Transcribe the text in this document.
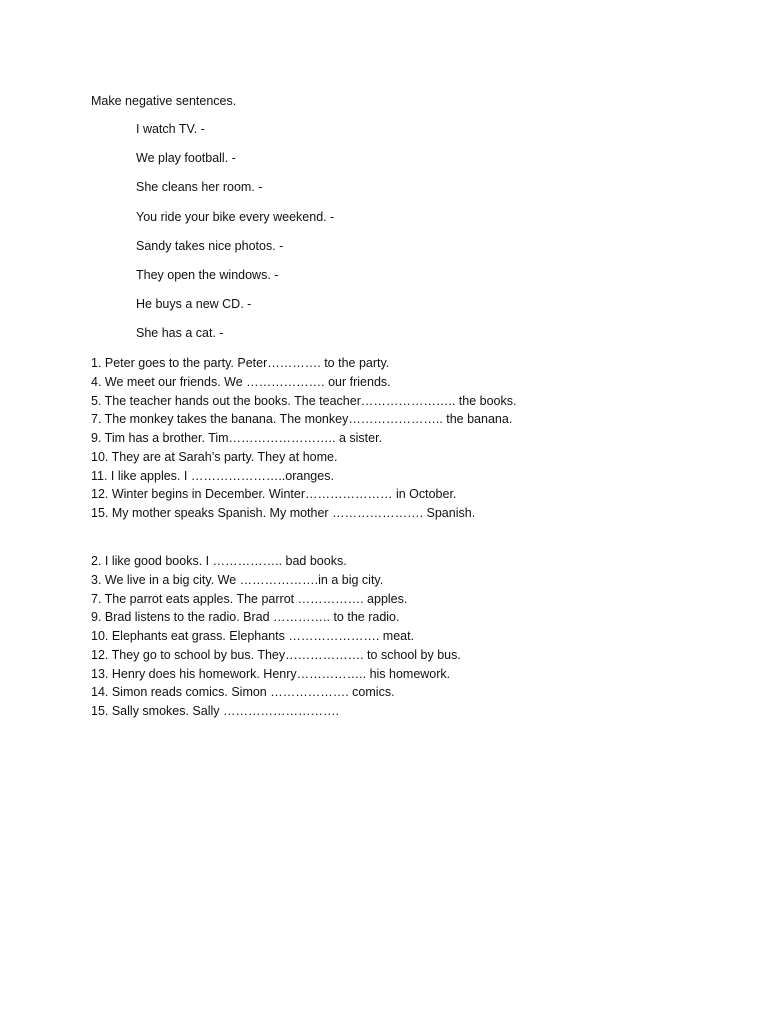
Make negative sentences.
I watch TV. -
We play football. -
She cleans her room. -
You ride your bike every weekend. -
Sandy takes nice photos. -
They open the windows. -
He buys a new CD. -
She has a cat. -
1. Peter goes to the party. Peter…………. to the party.
4. We meet our friends. We ………………. our friends.
5. The teacher hands out the books. The teacher………………….. the books.
7. The monkey takes the banana. The monkey………………….. the banana.
9. Tim has a brother. Tim…………………….. a sister.
10. They are at Sarah’s party. They at home.
11. I like apples. I …………………..oranges.
12. Winter begins in December. Winter………………… in October.
15. My mother speaks Spanish. My mother …………………. Spanish.
2. I like good books. I …………….. bad books.
3. We live in a big city. We ……………….in a big city.
7. The parrot eats apples. The parrot ……………. apples.
9. Brad listens to the radio. Brad ………….. to the radio.
10. Elephants eat grass. Elephants …………………. meat.
12. They go to school by bus. They………………. to school by bus.
13. Henry does his homework. Henry…………….. his homework.
14. Simon reads comics. Simon ………………. comics.
15. Sally smokes. Sally ……………………….
